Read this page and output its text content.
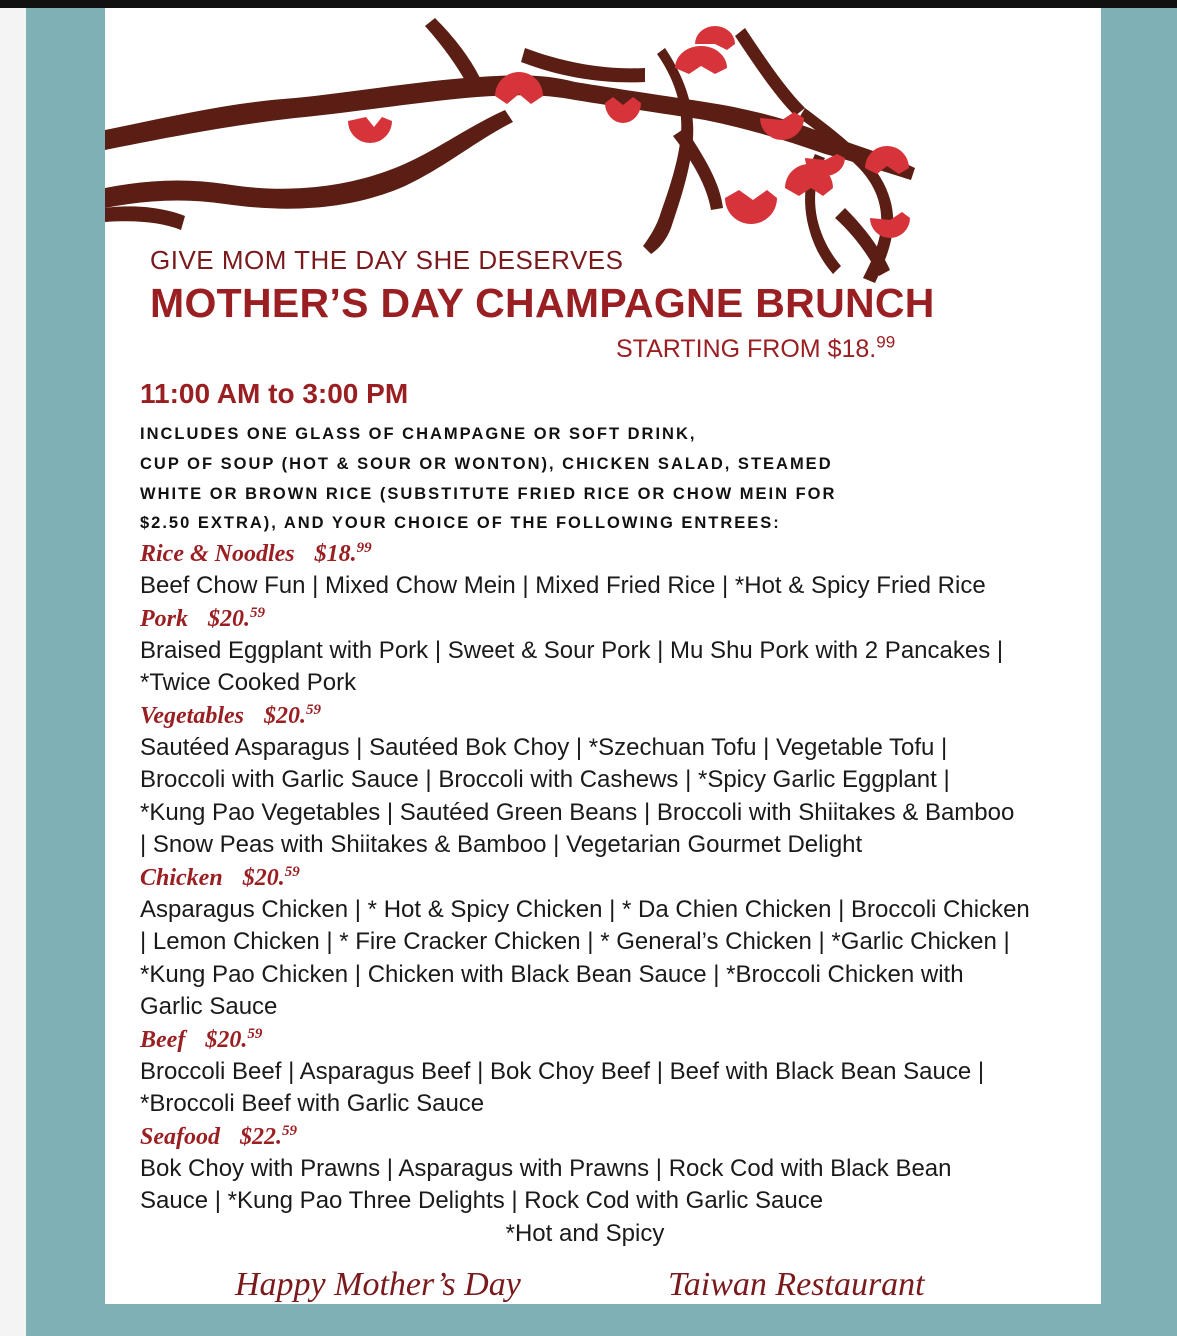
GIVE MOM THE DAY SHE DESERVES
MOTHER’S DAY CHAMPAGNE BRUNCH
STARTING FROM $18.99
11:00 AM to 3:00 PM

INCLUDES ONE GLASS OF CHAMPAGNE OR SOFT DRINK,

CUP OF SOUP (HOT & SOUR OR WONTON), CHICKEN SALAD, STEAMED

WHITE OR BROWN RICE (SUBSTITUTE FRIED RICE OR CHOW MEIN FOR

$2.50 EXTRA), AND YOUR CHOICE OF THE FOLLOWING ENTREES:

Rice & Noodles $18.99

Beef Chow Fun | Mixed Chow Mein | Mixed Fried Rice | *Hot & Spicy Fried Rice

Pork $20.59

Braised Eggplant with Pork | Sweet & Sour Pork | Mu Shu Pork with 2 Pancakes |

*Twice Cooked Pork

Vegetables $20.59

Sautéed Asparagus | Sautéed Bok Choy | *Szechuan Tofu | Vegetable Tofu |

Broccoli with Garlic Sauce | Broccoli with Cashews | *Spicy Garlic Eggplant |

*Kung Pao Vegetables | Sautéed Green Beans | Broccoli with Shiitakes & Bamboo

| Snow Peas with Shiitakes & Bamboo | Vegetarian Gourmet Delight

Chicken $20.59

Asparagus Chicken | * Hot & Spicy Chicken | * Da Chien Chicken | Broccoli Chicken

| Lemon Chicken | * Fire Cracker Chicken | * General’s Chicken | *Garlic Chicken |

*Kung Pao Chicken | Chicken with Black Bean Sauce | *Broccoli Chicken with

Garlic Sauce

Beef $20.59

Broccoli Beef | Asparagus Beef | Bok Choy Beef | Beef with Black Bean Sauce |

*Broccoli Beef with Garlic Sauce

Seafood $22.59

Bok Choy with Prawns | Asparagus with Prawns | Rock Cod with Black Bean

Sauce | *Kung Pao Three Delights | Rock Cod with Garlic Sauce

*Hot and Spicy
Happy Mother’s Day	Taiwan Restaurant
